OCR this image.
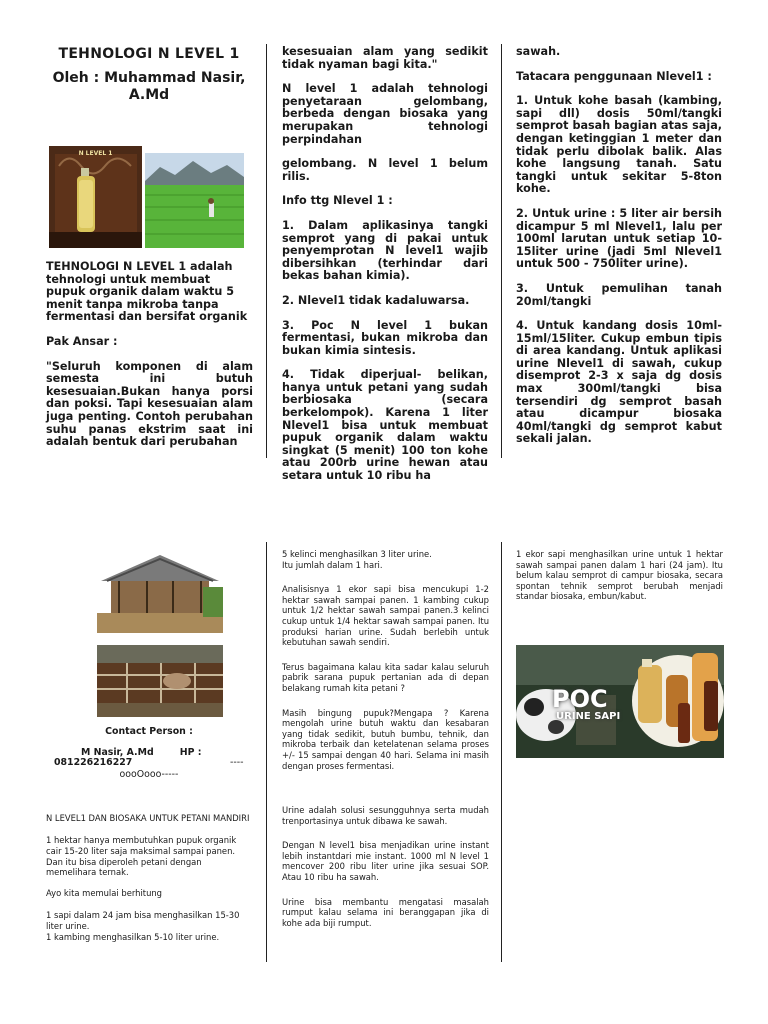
TEHNOLOGI N LEVEL 1
Oleh : Muhammad Nasir, A.Md
N LEVEL 1

TEHNOLOGI N LEVEL 1 adalah tehnologi untuk membuat pupuk organik dalam waktu 5 menit tanpa mikroba tanpa fermentasi dan bersifat organik

Pak Ansar :

"Seluruh komponen di alam semesta ini butuh kesesuaian.Bukan hanya porsi dan poksi. Tapi kesesuaian alam juga penting. Contoh perubahan suhu panas ekstrim saat ini adalah bentuk dari perubahan

kesesuaian alam yang sedikit tidak nyaman bagi kita."

N level 1 adalah tehnologi penyetaraan gelombang, berbeda dengan biosaka yang merupakan tehnologi perpindahan

gelombang. N level 1 belum rilis.

Info ttg Nlevel 1 :

1. Dalam aplikasinya tangki semprot yang di pakai untuk penyemprotan N level1 wajib dibersihkan (terhindar dari bekas bahan kimia).

2. Nlevel1 tidak kadaluwarsa.

3. Poc N level 1 bukan fermentasi, bukan mikroba dan bukan kimia sintesis.

4. Tidak diperjual- belikan, hanya untuk petani yang sudah berbiosaka (secara berkelompok). Karena 1 liter Nlevel1 bisa untuk membuat pupuk organik dalam waktu singkat (5 menit) 100 ton kohe atau 200rb urine hewan atau setara untuk 10 ribu ha

sawah.

Tatacara penggunaan Nlevel1 :

1. Untuk kohe basah (kambing, sapi dll) dosis 50ml/tangki semprot basah bagian atas saja, dengan ketinggian 1 meter dan tidak perlu dibolak balik. Alas kohe langsung tanah. Satu tangki untuk sekitar 5-8ton kohe.

2. Untuk urine : 5 liter air bersih dicampur 5 ml Nlevel1, lalu per 100ml larutan untuk setiap 10-15liter urine (jadi 5ml Nlevel1 untuk 500 - 750liter urine).

3. Untuk pemulihan tanah 20ml/tangki

4. Untuk kandang dosis 10ml-15ml/15liter. Cukup embun tipis di area kandang. Untuk aplikasi urine Nlevel1 di sawah, cukup disemprot 2-3 x saja dg dosis max 300ml/tangki bisa tersendiri dg semprot basah atau dicampur biosaka 40ml/tangki dg semprot kabut sekali jalan.

Contact Person :
M Nasir, A.Md        HP :
081226216227	----
oooOooo-----

N LEVEL1 DAN BIOSAKA UNTUK PETANI MANDIRI

1 hektar hanya membutuhkan pupuk organik cair 15-20 liter saja maksimal sampai panen. Dan itu bisa diperoleh petani dengan memelihara ternak.

Ayo kita memulai berhitung

1 sapi dalam 24 jam bisa menghasilkan 15-30 liter urine.
1 kambing menghasilkan 5-10 liter urine.
5 kelinci menghasilkan 3 liter urine.

Itu jumlah dalam 1 hari.

Analisisnya 1 ekor sapi bisa mencukupi 1-2 hektar sawah sampai panen. 1 kambing cukup untuk 1/2 hektar sawah sampai panen.3 kelinci cukup untuk 1/4 hektar sawah sampai panen. Itu produksi harian urine. Sudah berlebih untuk kebutuhan sawah sendiri.

Terus bagaimana kalau kita sadar kalau seluruh pabrik sarana pupuk pertanian ada di depan belakang rumah kita petani ?

Masih bingung pupuk?Mengapa ? Karena mengolah urine butuh waktu dan kesabaran yang tidak sedikit, butuh bumbu, tehnik, dan mikroba terbaik dan ketelatenan selama proses +/- 15 sampai dengan 40 hari. Selama ini masih dengan proses fermentasi.

Urine adalah solusi sesungguhnya serta mudah trenportasinya untuk dibawa ke sawah.

Dengan N level1 bisa menjadikan urine instant lebih instantdari mie instant. 1000 ml N level 1 mencover 200 ribu liter urine jika sesuai SOP. Atau 10 ribu ha sawah.

Urine bisa membantu mengatasi masalah rumput kalau selama ini beranggapan jika di kohe ada biji rumput.

1 ekor sapi menghasilkan urine untuk 1 hektar sawah sampai panen dalam 1 hari (24 jam). Itu belum kalau semprot di campur biosaka, secara spontan tehnik semprot berubah menjadi standar biosaka, embun/kabut.

POC
URINE SAPI
